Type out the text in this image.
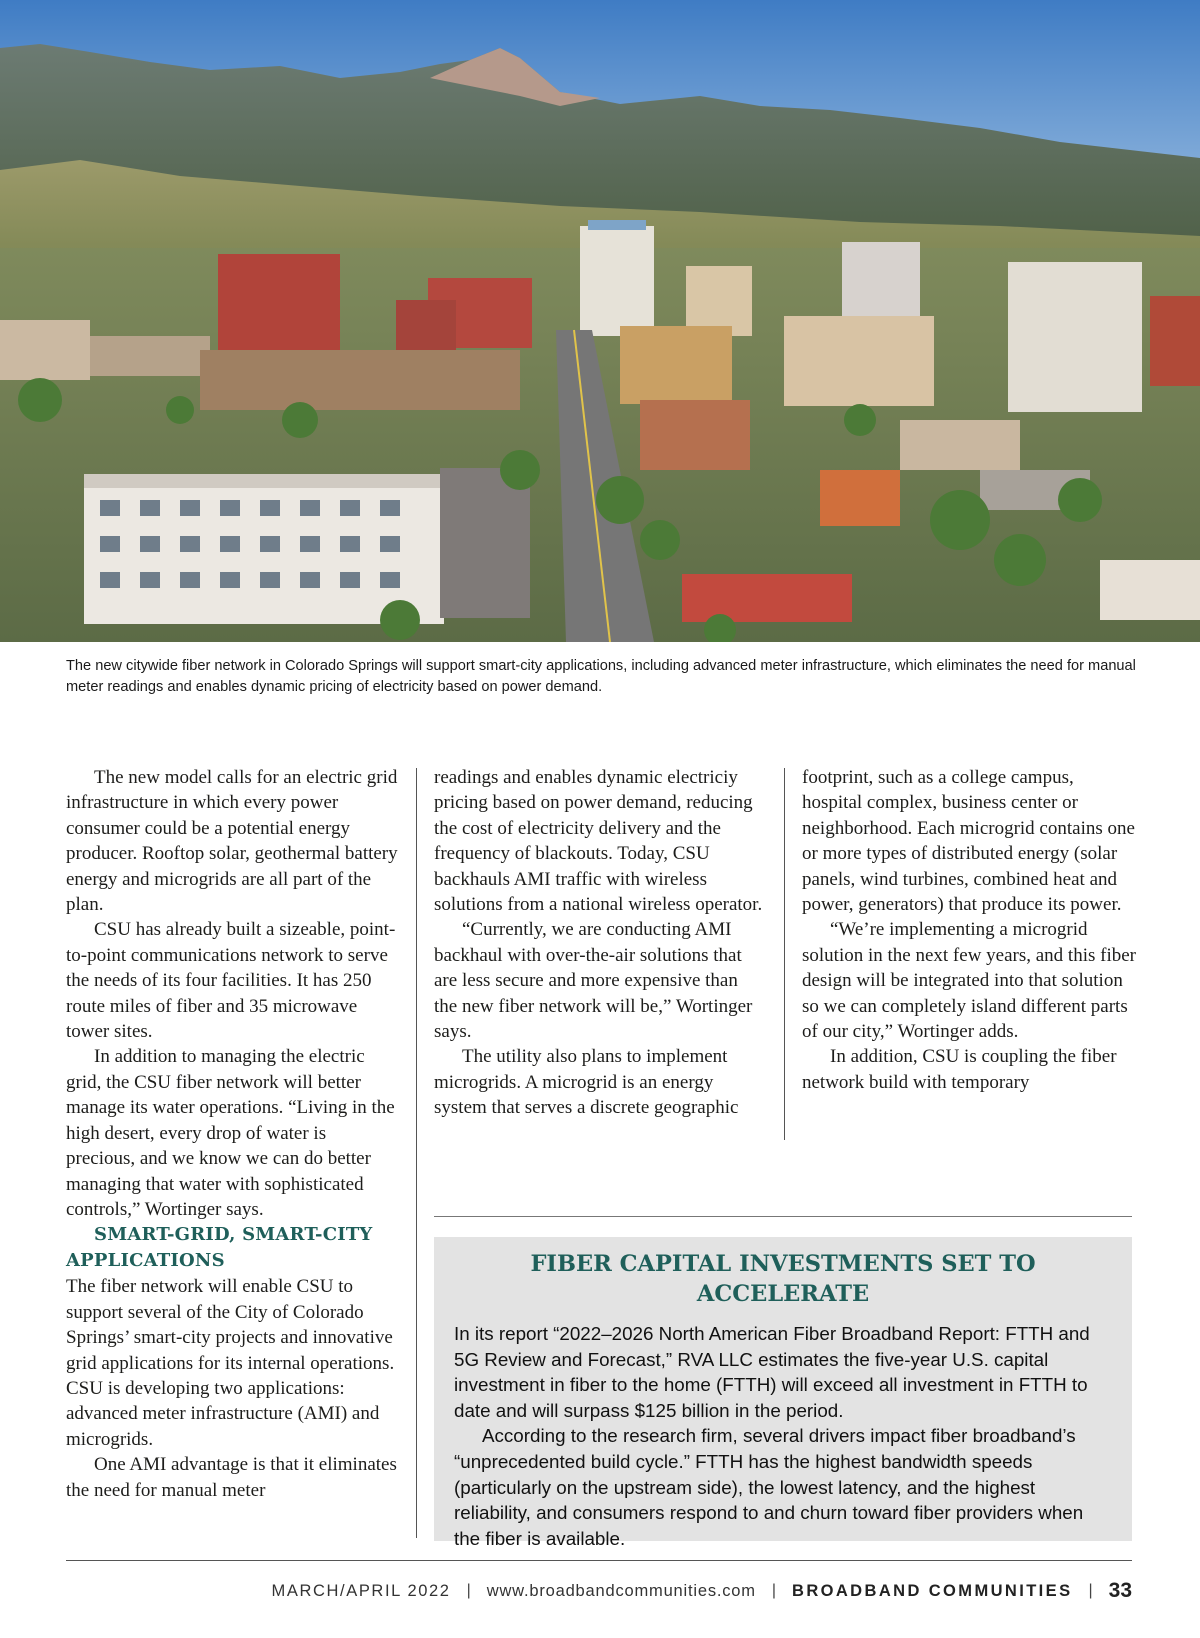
The new citywide fiber network in Colorado Springs will support smart-city applications, including advanced meter infrastructure, which eliminates the need for manual meter readings and enables dynamic pricing of electricity based on power demand.

The new model calls for an electric grid infrastructure in which every power consumer could be a potential energy producer. Rooftop solar, geothermal battery energy and microgrids are all part of the plan.

CSU has already built a sizeable, point-to-point communications network to serve the needs of its four facilities. It has 250 route miles of fiber and 35 microwave tower sites.

In addition to managing the electric grid, the CSU fiber network will better manage its water operations. “Living in the high desert, every drop of water is precious, and we know we can do better managing that water with sophisticated controls,” Wortinger says.

SMART-GRID, SMART-CITY APPLICATIONS

The fiber network will enable CSU to support several of the City of Colorado Springs’ smart-city projects and innovative grid applications for its internal operations. CSU is developing two applications: advanced meter infrastructure (AMI) and microgrids.

One AMI advantage is that it eliminates the need for manual meter

readings and enables dynamic electriciy pricing based on power demand, reducing the cost of electricity delivery and the frequency of blackouts. Today, CSU backhauls AMI traffic with wireless solutions from a national wireless operator.

“Currently, we are conducting AMI backhaul with over-the-air solutions that are less secure and more expensive than the new fiber network will be,” Wortinger says.

The utility also plans to implement microgrids. A microgrid is an energy system that serves a discrete geographic

footprint, such as a college campus, hospital complex, business center or neighborhood. Each microgrid contains one or more types of distributed energy (solar panels, wind turbines, combined heat and power, generators) that produce its power.

“We’re implementing a microgrid solution in the next few years, and this fiber design will be integrated into that solution so we can completely island different parts of our city,” Wortinger adds.

In addition, CSU is coupling the fiber network build with temporary

FIBER CAPITAL INVESTMENTS SET TO ACCELERATE

In its report “2022–2026 North American Fiber Broadband Report: FTTH and 5G Review and Forecast,” RVA LLC estimates the five-year U.S. capital investment in fiber to the home (FTTH) will exceed all investment in FTTH to date and will surpass $125 billion in the period.

According to the research firm, several drivers impact fiber broadband’s “unprecedented build cycle.” FTTH has the highest bandwidth speeds (particularly on the upstream side), the lowest latency, and the highest reliability, and consumers respond to and churn toward fiber providers when the fiber is available.

MARCH/APRIL 2022	| www.broadbandcommunities.com	| BROADBAND COMMUNITIES	| 33
